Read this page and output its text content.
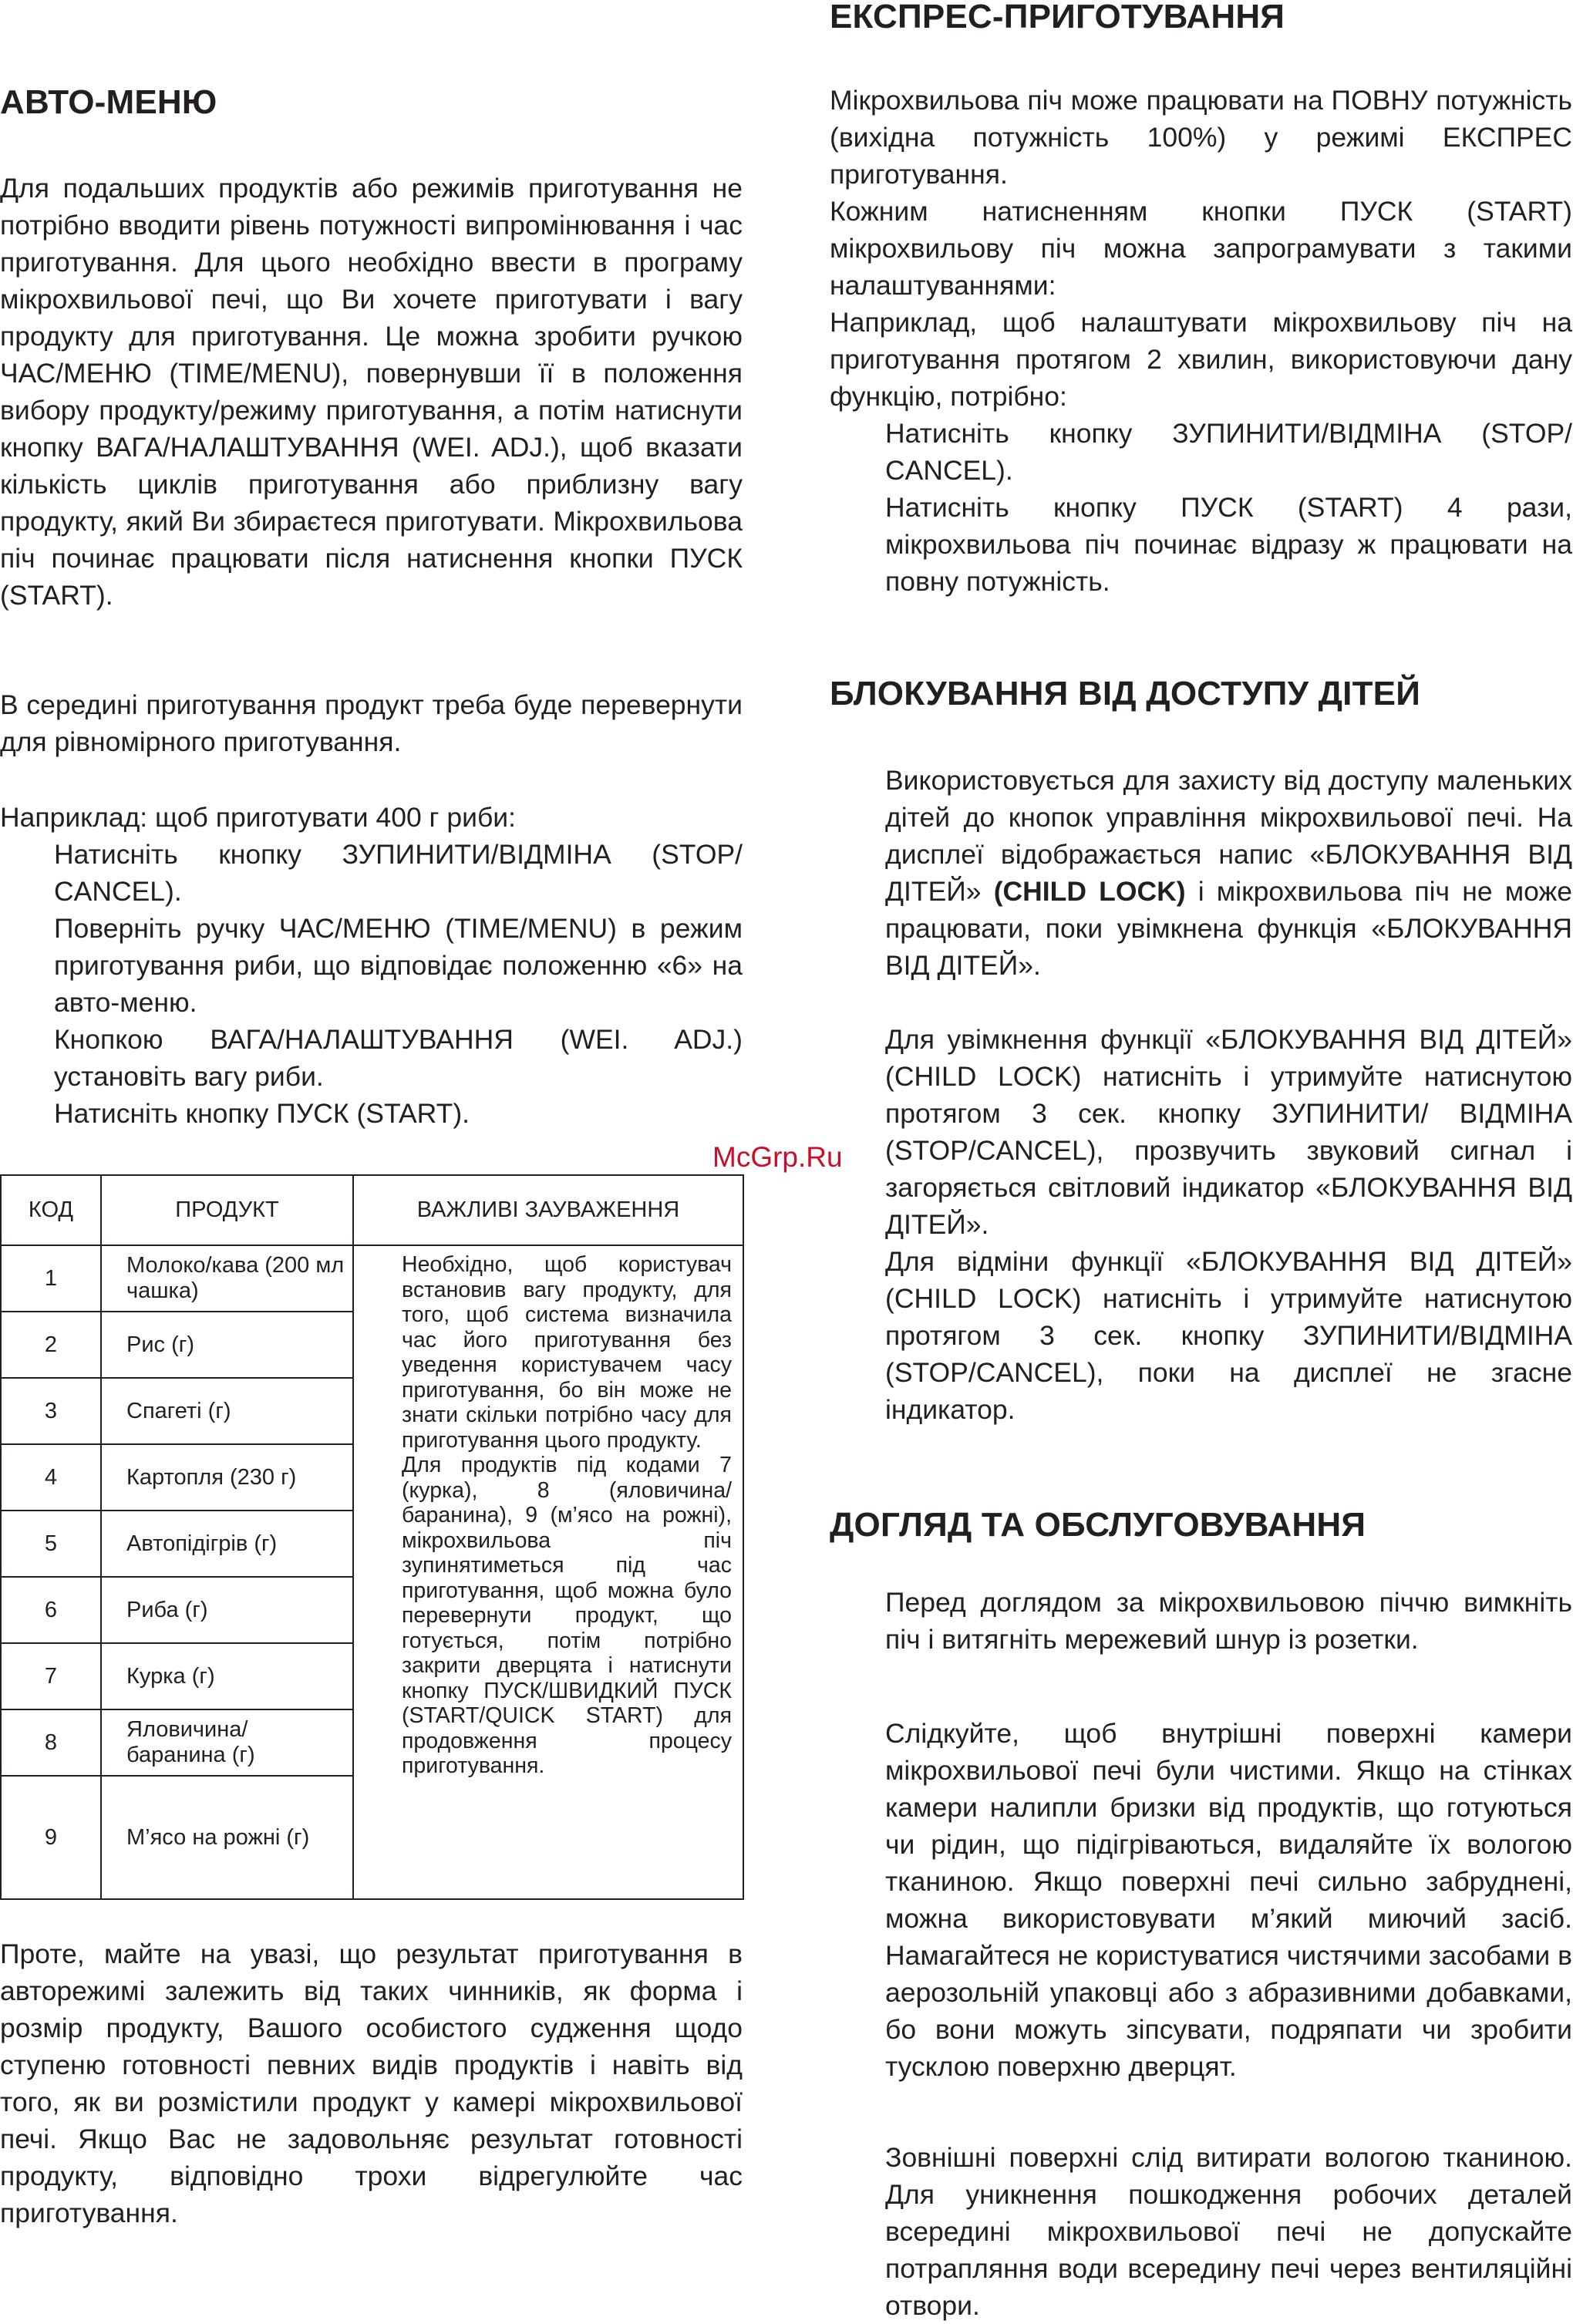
АВТО-МЕНЮ

Для подальших продуктів або режимів приготування не потрібно вводити рівень потужності випромінювання і час приготування. Для цього необхідно ввести в програму мікрохвильової печі, що Ви хочете приготувати і вагу продукту для приготування. Це можна зробити ручкою ЧАС/МЕНЮ (TIME/MENU), повернувши її в положення вибору продукту/режиму приготування, а потім натиснути кнопку ВАГА/НАЛАШТУВАННЯ (WEI. ADJ.), щоб вказати кількість циклів приготування або приблизну вагу продукту, який Ви збираєтеся приготувати. Мікрохвильова піч починає працювати після натиснення кнопки ПУСК (START).

В середині приготування продукт треба буде перевернути для рівномірного приготування.

Наприклад: щоб приготувати 400 г риби:

Натисніть кнопку ЗУПИНИТИ/ВІДМІНА (STOP/ CANCEL).

Поверніть ручку ЧАС/МЕНЮ (TIME/MENU) в режим приготування риби, що відповідає положенню «6» на авто-меню.

Кнопкою ВАГА/НАЛАШТУВАННЯ (WEI. ADJ.) установіть вагу риби.

Натисніть кнопку ПУСК (START).

McGrp.Ru
КОД	ПРОДУКТ	ВАЖЛИВІ ЗАУВАЖЕННЯ
1	Молоко/кава (200 мл чашка)	Необхідно, щоб користувач встановив вагу продукту, для того, щоб система визначила час його приготування без уведення користувачем часу приготування, бо він може не знати скільки потрібно часу для приготування цього продукту.

Для продуктів під кодами 7 (курка), 8 (яловичина/ баранина), 9 (м’ясо на рожні), мікрохвильова піч зупинятиметься під час приготування, щоб можна було перевернути продукт, що готується, потім потрібно закрити дверцята і натиснути кнопку ПУСК/ШВИДКИЙ ПУСК (START/QUICK START) для продовження процесу приготування.

2	Рис (г)	
3	Спагеті (г)	
4	Картопля (230 г)	
5	Автопідігрів (г)	
6	Риба (г)	
7	Курка (г)	
8	Яловичина/ баранина (г)	
9	М’ясо на рожні (г)	

Проте, майте на увазі, що результат приготування в авторежимі залежить від таких чинників, як форма і розмір продукту, Вашого особистого судження щодо ступеню готовності певних видів продуктів і навіть від того, як ви розмістили продукт у камері мікрохвильової печі. Якщо Вас не задовольняє результат готовності продукту, відповідно трохи відрегулюйте час приготування.

ЕКСПРЕС-ПРИГОТУВАННЯ

Мікрохвильова піч може працювати на ПОВНУ потужність (вихідна потужність 100%) у режимі ЕКСПРЕС приготування.

Кожним натисненням кнопки ПУСК (START) мікрохвильову піч можна запрограмувати з такими налаштуваннями:

Наприклад, щоб налаштувати мікрохвильову піч на приготування протягом 2 хвилин, використовуючи дану функцію, потрібно:

Натисніть кнопку ЗУПИНИТИ/ВІДМІНА (STOP/ CANCEL).

Натисніть кнопку ПУСК (START) 4 рази, мікрохвильова піч починає відразу ж працювати на повну потужність.

БЛОКУВАННЯ ВІД ДОСТУПУ ДІТЕЙ

Використовується для захисту від доступу маленьких дітей до кнопок управління мікрохвильової печі. На дисплеї відображається напис «БЛОКУВАННЯ ВІД ДІТЕЙ» (CHILD LOCK) і мікрохвильова піч не може працювати, поки увімкнена функція «БЛОКУВАННЯ ВІД ДІТЕЙ».

Для увімкнення функції «БЛОКУВАННЯ ВІД ДІТЕЙ» (CHILD LOCK) натисніть і утримуйте натиснутою протягом 3 сек. кнопку ЗУПИНИТИ/ ВІДМІНА (STOP/CANCEL), прозвучить звуковий сигнал і загоряється світловий індикатор «БЛОКУВАННЯ ВІД ДІТЕЙ».

Для відміни функції «БЛОКУВАННЯ ВІД ДІТЕЙ» (CHILD LOCK) натисніть і утримуйте натиснутою протягом 3 сек. кнопку ЗУПИНИТИ/ВІДМІНА (STOP/CANCEL), поки на дисплеї не згасне індикатор.

ДОГЛЯД ТА ОБСЛУГОВУВАННЯ

Перед доглядом за мікрохвильовою піччю вимкніть піч і витягніть мережевий шнур із розетки.

Слідкуйте, щоб внутрішні поверхні камери мікрохвильової печі були чистими. Якщо на стінках камери налипли бризки від продуктів, що готуються чи рідин, що підігріваються, видаляйте їх вологою тканиною. Якщо поверхні печі сильно забруднені, можна використовувати м’який миючий засіб. Намагайтеся не користуватися чистячими засобами в аерозольній упаковці або з абразивними добавками, бо вони можуть зіпсувати, подряпати чи зробити тусклою поверхню дверцят.

Зовнішні поверхні слід витирати вологою тканиною. Для уникнення пошкодження робочих деталей всередині мікрохвильової печі не допускайте потрапляння води всередину печі через вентиляційні отвори.
